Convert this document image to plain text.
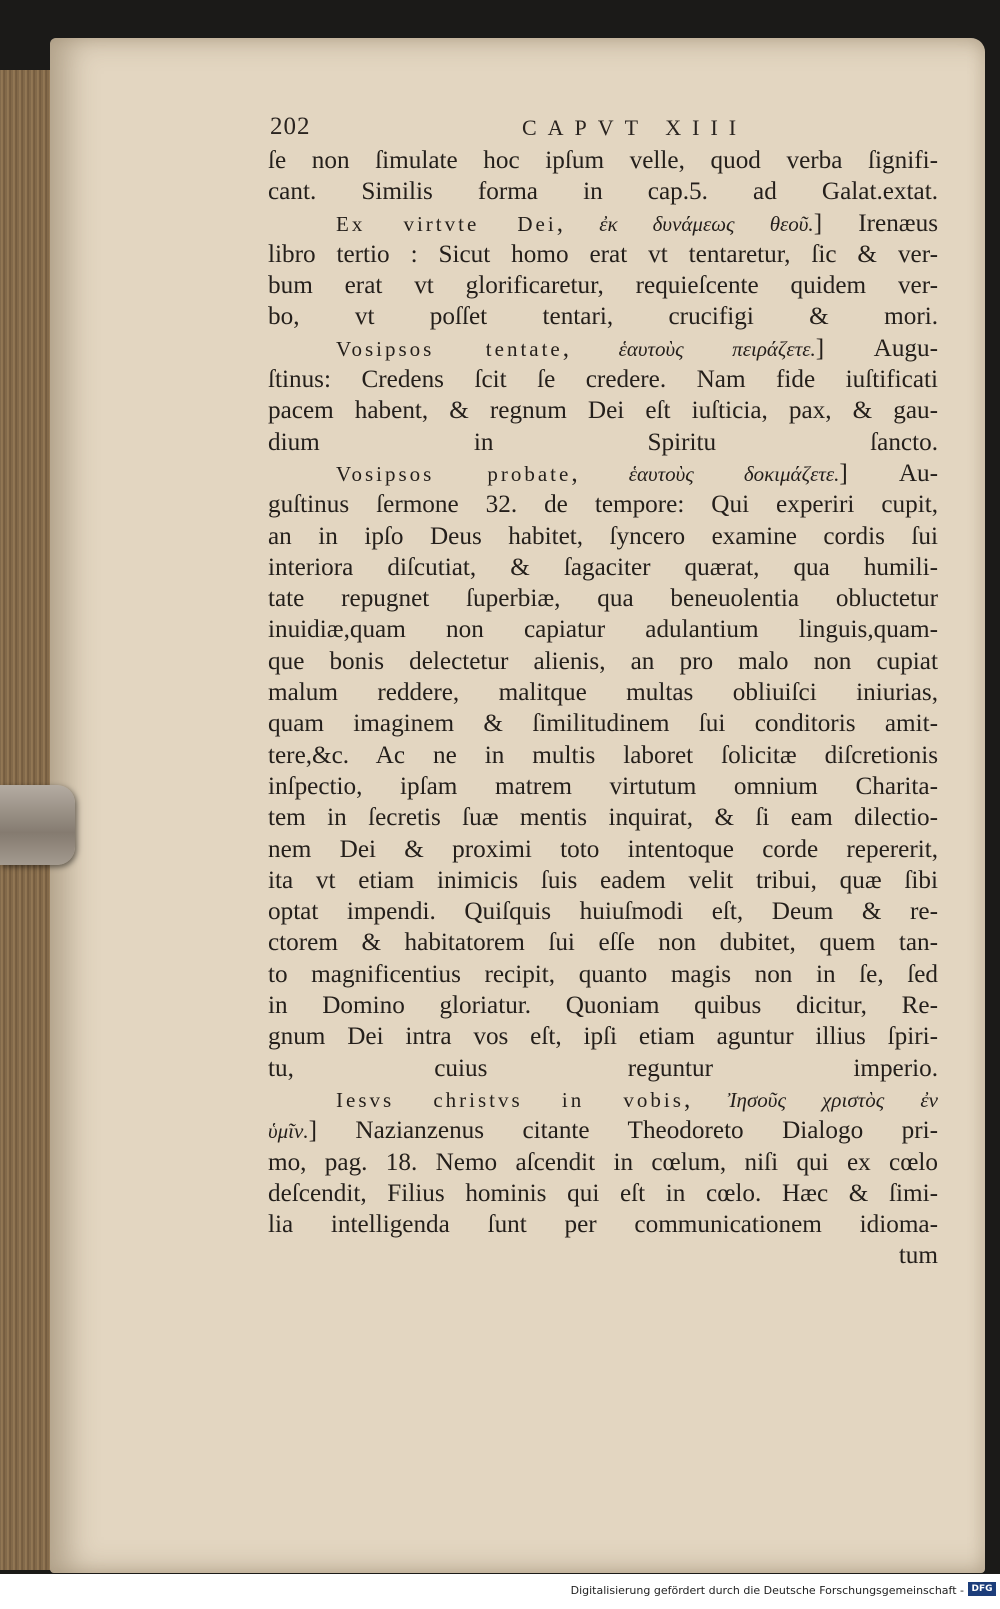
202	CAPVT XIII
ſe non ſimulate hoc ipſum velle, quod verba ſignifi-
cant. Similis forma in cap.5. ad Galat.extat.
Ex virtvte Dei, ἐκ δυνάμεως θεοῦ.] Irenæus
libro tertio : Sicut homo erat vt tentaretur, ſic & ver-
bum erat vt glorificaretur, requieſcente quidem ver-
bo, vt poſſet tentari, crucifigi & mori.
Vosipsos tentate, ἑαυτοὺς πειράζετε.] Augu-
ſtinus: Credens ſcit ſe credere. Nam fide iuſtificati
pacem habent, & regnum Dei eſt iuſticia, pax, & gau-
dium in Spiritu ſancto.
Vosipsos probate, ἑαυτοὺς δοκιμάζετε.] Au-
guſtinus ſermone 32. de tempore: Qui experiri cupit,
an in ipſo Deus habitet, ſyncero examine cordis ſui
interiora diſcutiat, & ſagaciter quærat, qua humili-
tate repugnet ſuperbiæ, qua beneuolentia obluctetur
inuidiæ,quam non capiatur adulantium linguis,quam-
que bonis delectetur alienis, an pro malo non cupiat
malum reddere, malitque multas obliuiſci iniurias,
quam imaginem & ſimilitudinem ſui conditoris amit-
tere,&c. Ac ne in multis laboret ſolicitæ diſcretionis
inſpectio, ipſam matrem virtutum omnium Charita-
tem in ſecretis ſuæ mentis inquirat, & ſi eam dilectio-
nem Dei & proximi toto intentoque corde repererit,
ita vt etiam inimicis ſuis eadem velit tribui, quæ ſibi
optat impendi. Quiſquis huiuſmodi eſt, Deum & re-
ctorem & habitatorem ſui eſſe non dubitet, quem tan-
to magnificentius recipit, quanto magis non in ſe, ſed
in Domino gloriatur. Quoniam quibus dicitur, Re-
gnum Dei intra vos eſt, ipſi etiam aguntur illius ſpiri-
tu, cuius reguntur imperio.
Iesvs christvs in vobis, Ἰησοῦς χριστὸς ἐν
ὑμῖν.] Nazianzenus citante Theodoreto Dialogo pri-
mo, pag. 18. Nemo aſcendit in cœlum, niſi qui ex cœlo
deſcendit, Filius hominis qui eſt in cœlo. Hæc & ſimi-
lia intelligenda ſunt per communicationem idioma-
tum
Digitalisierung gefördert durch die Deutsche Forschungsgemeinschaft - DFG
